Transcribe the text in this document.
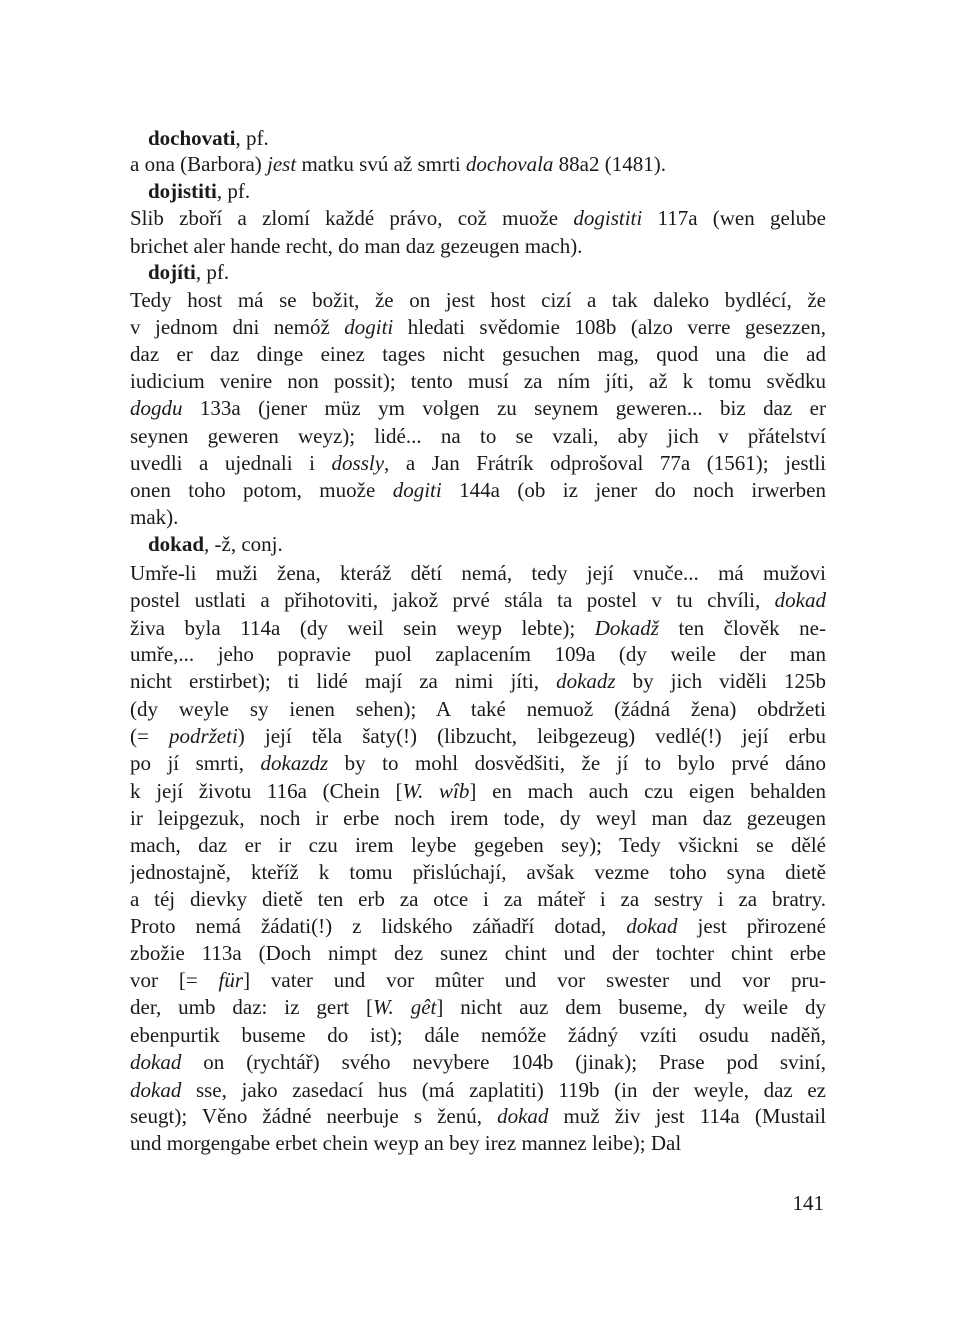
dochovati, pf.
a ona (Barbora) jest matku svú až smrti dochovala 88a2 (1481).
dojistiti, pf.
Slib zboří a zlomí každé právo, což muože dogistiti 117a (wen gelube
brichet aler hande recht, do man daz gezeugen mach).
dojíti, pf.
Tedy host má se božit, že on jest host cizí a tak daleko bydlécí, že
v jednom dni nemóž dogiti hledati svědomie 108b (alzo verre gesezzen,
daz er daz dinge einez tages nicht gesuchen mag, quod una die ad
iudicium venire non possit); tento musí za ním jíti, až k tomu svědku
dogdu 133a (jener müz ym volgen zu seynem geweren... biz daz er
seynen geweren weyz); lidé... na to se vzali, aby jich v přátelství
uvedli a ujednali i dossly, a Jan Frátrík odprošoval 77a (1561); jestli
onen toho potom, muože dogiti 144a (ob iz jener do noch irwerben
mak).
dokad, -ž, conj.
Umře-li muži žena, kteráž dětí nemá, tedy její vnuče... má mužovi
postel ustlati a přihotoviti, jakož prvé stála ta postel v tu chvíli, dokad
živa byla 114a (dy weil sein weyp lebte); Dokadž ten člověk ne-
umře,... jeho popravie puol zaplacením 109a (dy weile der man
nicht erstirbet); ti lidé mají za nimi jíti, dokadz by jich viděli 125b
(dy weyle sy ienen sehen); A také nemuož (žádná žena) obdržeti
(= podržeti) její těla šaty(!) (libzucht, leibgezeug) vedlé(!) její erbu
po jí smrti, dokazdz by to mohl dosvědšiti, že jí to bylo prvé dáno
k její životu 116a (Chein [W. wîb] en mach auch czu eigen behalden
ir leipgezuk, noch ir erbe noch irem tode, dy weyl man daz gezeugen
mach, daz er ir czu irem leybe gegeben sey); Tedy všickni se dělé
jednostajně, kteříž k tomu přislúchají, avšak vezme toho syna dietě
a téj dievky dietě ten erb za otce i za máteř i za sestry i za bratry.
Proto nemá žádati(!) z lidského záňadří dotad, dokad jest přirozené
zbožie 113a (Doch nimpt dez sunez chint und der tochter chint erbe
vor [= für] vater und vor mûter und vor swester und vor pru-
der, umb daz: iz gert [W. gêt] nicht auz dem buseme, dy weile dy
ebenpurtik buseme do ist); dále nemóže žádný vzíti osudu naděň,
dokad on (rychtář) svého nevybere 104b (jinak); Prase pod sviní,
dokad sse, jako zasedací hus (má zaplatiti) 119b (in der weyle, daz ez
seugt); Věno žádné neerbuje s ženú, dokad muž živ jest 114a (Mustail
und morgengabe erbet chein weyp an bey irez mannez leibe); Dal
141
